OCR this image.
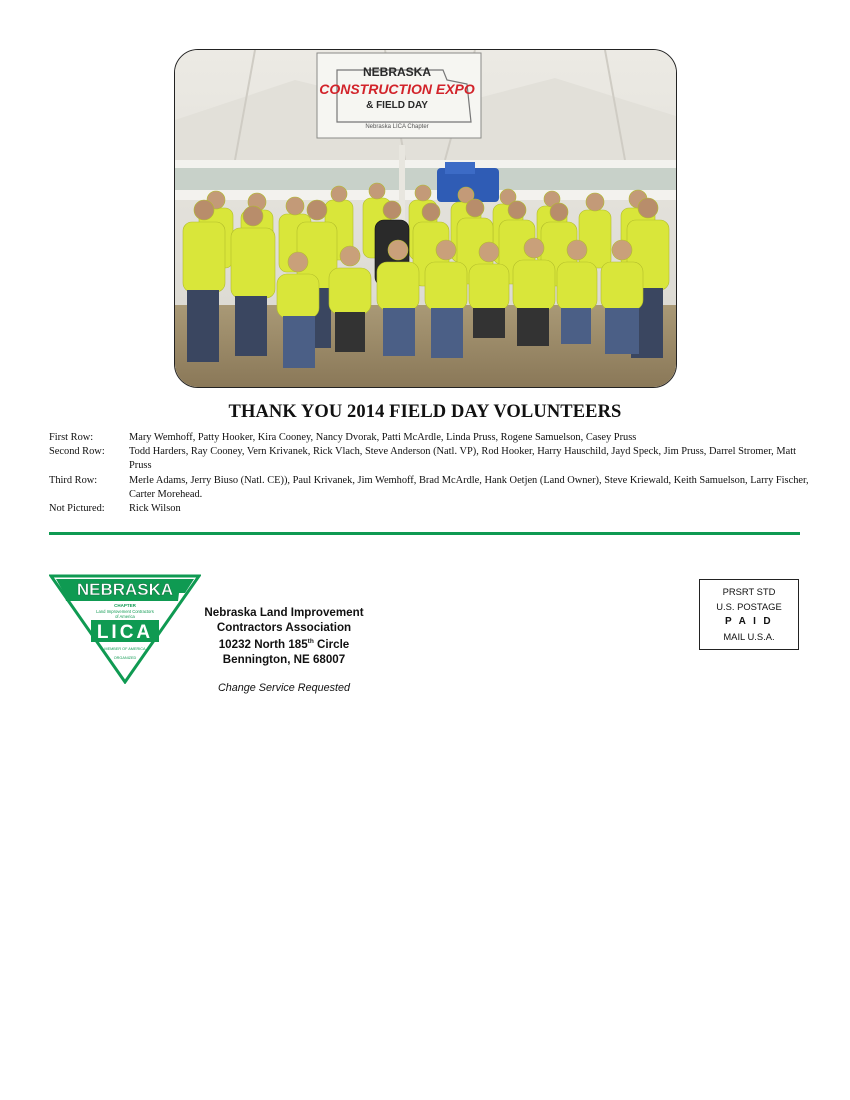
NEBRASKA
CONSTRUCTION EXPO
& FIELD DAY
Nebraska LICA Chapter
THANK YOU 2014 FIELD DAY VOLUNTEERS
First Row:	Mary Wemhoff, Patty Hooker, Kira Cooney, Nancy Dvorak, Patti McArdle, Linda Pruss, Rogene Samuelson, Casey Pruss
Second Row:	Todd Harders, Ray Cooney, Vern Krivanek, Rick Vlach, Steve Anderson (Natl. VP), Rod Hooker, Harry Hauschild, Jayd Speck, Jim Pruss, Darrel Stromer, Matt Pruss
Third Row:	Merle Adams, Jerry Biuso (Natl. CE)), Paul Krivanek, Jim Wemhoff, Brad McArdle, Hank Oetjen (Land Owner), Steve Kriewald, Keith Samuelson, Larry Fischer, Carter Morehead.
Not Pictured:	Rick Wilson
NEBRASKA
CHAPTER
Land Improvement Contractors
of America
LICA
MEMBER OF AMERICA
ORGANIZED
Nebraska Land Improvement
Contractors Association
10232 North 185th Circle
Bennington, NE 68007
Change Service Requested
PRSRT STD
U.S. POSTAGE
P A I D
MAIL U.S.A.
